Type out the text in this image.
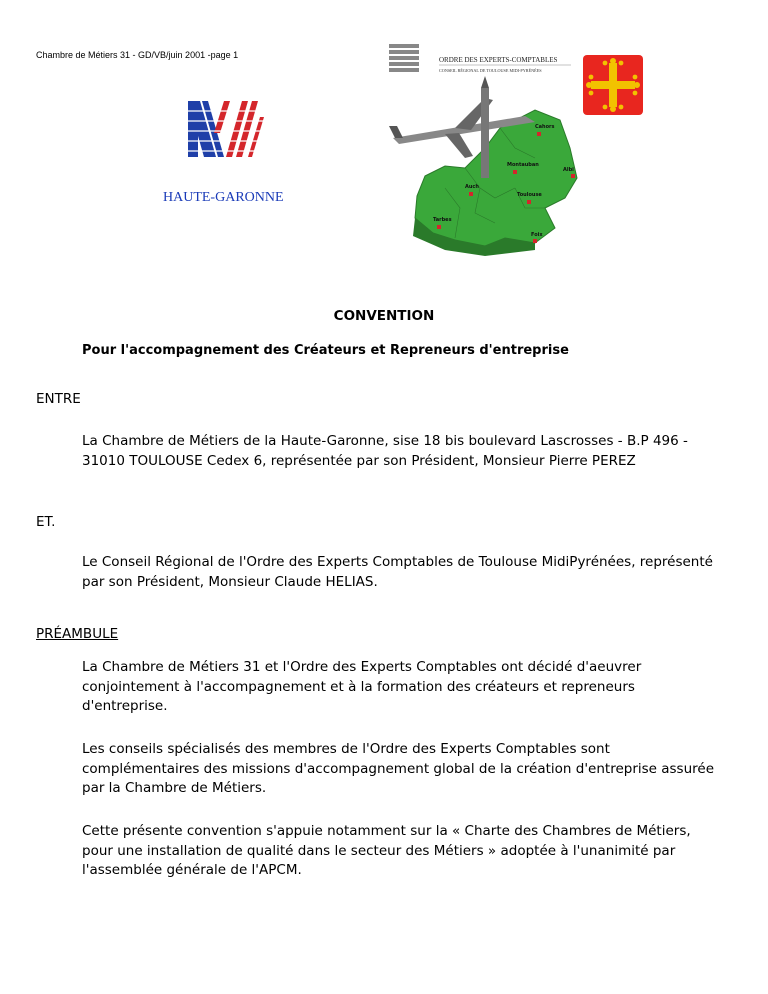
Chambre de Métiers 31 - GD/VB/juin 2001 -page 1
HAUTE-GARONNE
ORDRE DES EXPERTS-COMPTABLES
CONSEIL RÉGIONAL DE TOULOUSE MIDI-PYRÉNÉES
Cahors
Montauban
Albi
Auch
Toulouse
Tarbes
Foix
CONVENTION
Pour l'accompagnement des Créateurs et Repreneurs d'entreprise
ENTRE
La Chambre de Métiers de la Haute-Garonne, sise 18 bis boulevard Lascrosses - B.P 496 - 31010 TOULOUSE Cedex 6, représentée par son Président, Monsieur Pierre PEREZ
ET.
Le Conseil Régional de l'Ordre des Experts Comptables de Toulouse MidiPyrénées, représenté par son Président, Monsieur Claude HELIAS.
PRÉAMBULE
La Chambre de Métiers 31 et l'Ordre des Experts Comptables ont décidé d'aeuvrer conjointement à l'accompagnement et à la formation des créateurs et repreneurs d'entreprise.
Les conseils spécialisés des membres de l'Ordre des Experts Comptables sont complémentaires des missions d'accompagnement global de la création d'entreprise assurée par la Chambre de Métiers.
Cette présente convention s'appuie notamment sur la « Charte des Chambres de Métiers, pour une installation de qualité dans le secteur des Métiers » adoptée à l'unanimité par l'assemblée générale de l'APCM.
